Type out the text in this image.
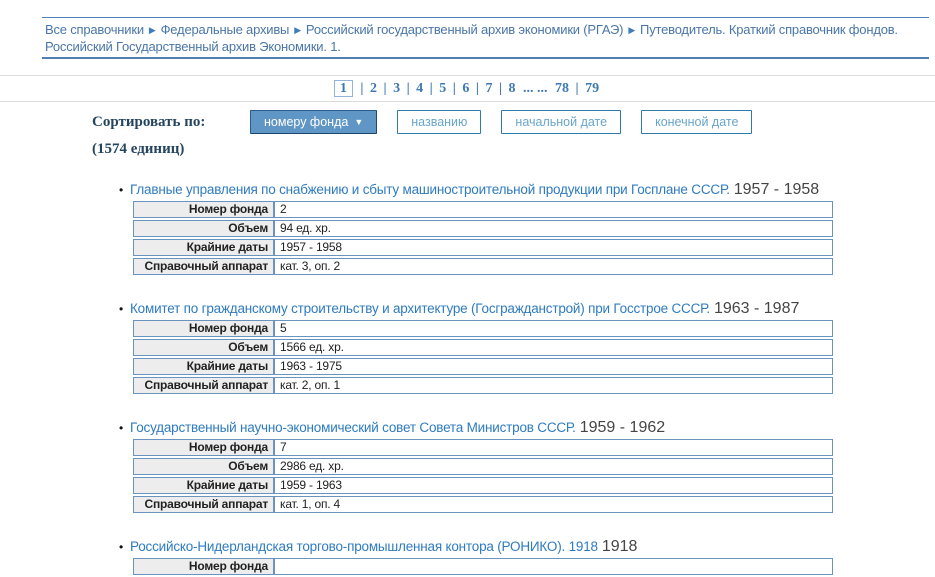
Все справочники ▶ Федеральные архивы ▶ Российский государственный архив экономики (РГАЭ) ▶ Путеводитель. Краткий справочник фондов. Российский Государственный архив Экономики. 1.
1 | 2 | 3 | 4 | 5 | 6 | 7 | 8 ... ... 78 | 79
Сортировать по:	номеру фонда ▼	названию	начальной дате	конечной дате
(1574 единиц)
• Главные управления по снабжению и сбыту машиностроительной продукции при Госплане СССР. 1957 - 1958
Номер фонда	2
Объем	94 ед. хр.
Крайние даты	1957 - 1958
Справочный аппарат	кат. 3, оп. 2
• Комитет по гражданскому строительству и архитектуре (Госгражданстрой) при Госстрое СССР. 1963 - 1987
Номер фонда	5
Объем	1566 ед. хр.
Крайние даты	1963 - 1975
Справочный аппарат	кат. 2, оп. 1
• Государственный научно-экономический совет Совета Министров СССР. 1959 - 1962
Номер фонда	7
Объем	2986 ед. хр.
Крайние даты	1959 - 1963
Справочный аппарат	кат. 1, оп. 4
• Российско-Нидерландская торгово-промышленная контора (РОНИКО). 1918 1918
Номер фонда	
